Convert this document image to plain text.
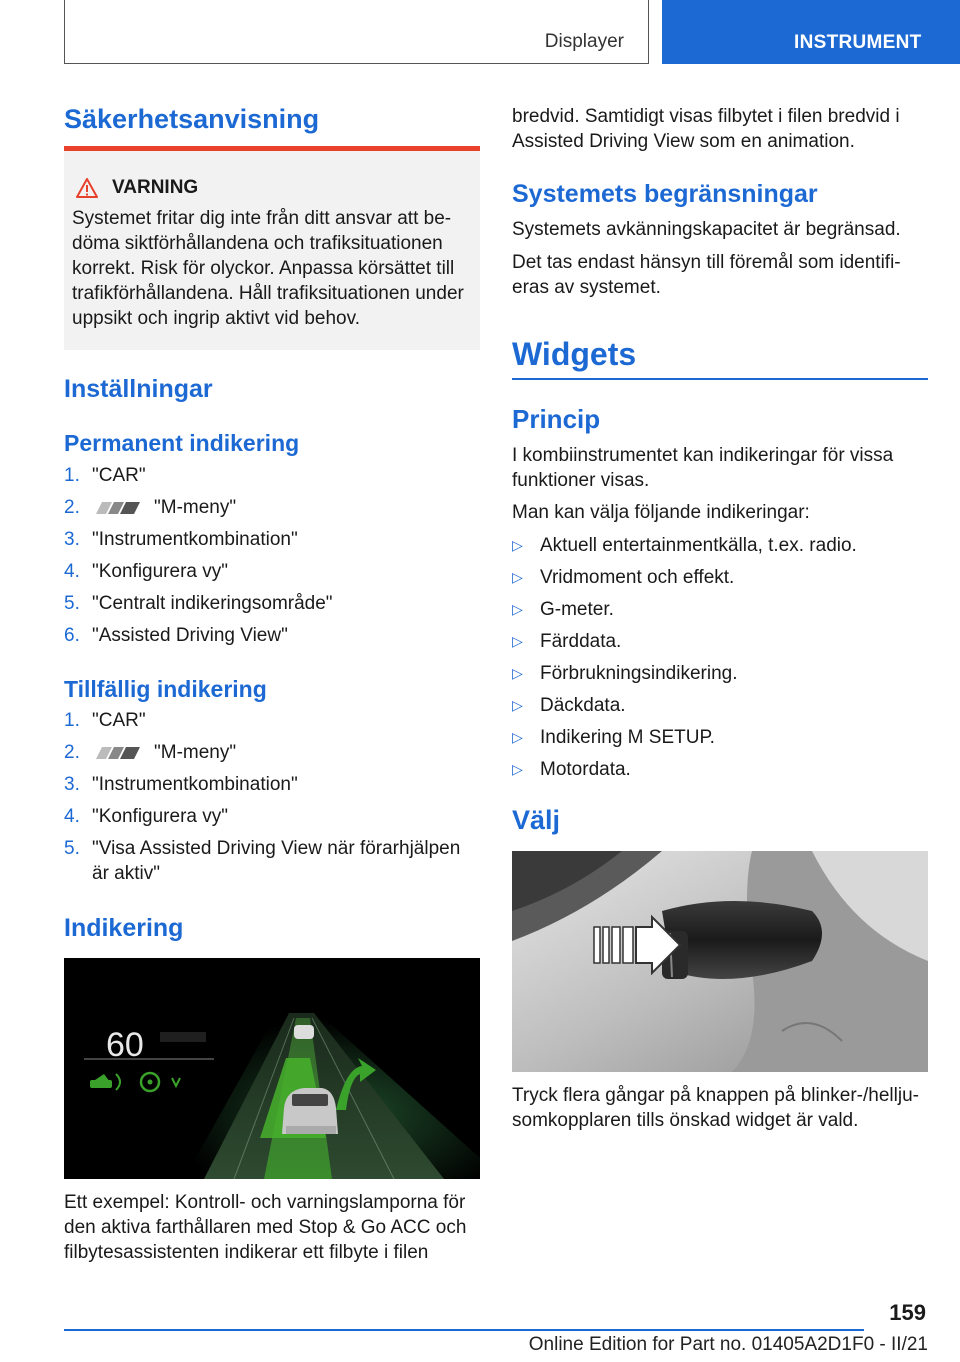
Displayer	INSTRUMENT
Säkerhetsanvisning
VARNING
Systemet fritar dig inte från ditt ansvar att be-
döma siktförhållandena och trafiksituationen
korrekt. Risk för olyckor. Anpassa körsättet till
trafikförhållandena. Håll trafiksituationen under
uppsikt och ingrip aktivt vid behov.
Inställningar
Permanent indikering
1. "CAR"
2.	"M-meny"
3. "Instrumentkombination"
4. "Konfigurera vy"
5. "Centralt indikeringsområde"
6. "Assisted Driving View"
Tillfällig indikering
1. "CAR"
2.	"M-meny"
3. "Instrumentkombination"
4. "Konfigurera vy"
5. "Visa Assisted Driving View när förarhjälpen
är aktiv"
Indikering
60
Ett exempel: Kontroll- och varningslamporna för
den aktiva farthållaren med Stop & Go ACC och
filbytesassistenten indikerar ett filbyte i filen
bredvid. Samtidigt visas filbytet i filen bredvid i
Assisted Driving View som en animation.
Systemets begränsningar
Systemets avkänningskapacitet är begränsad.
Det tas endast hänsyn till föremål som identifi-
eras av systemet.
Widgets
Princip
I kombiinstrumentet kan indikeringar för vissa
funktioner visas.
Man kan välja följande indikeringar:
▷ Aktuell entertainmentkälla, t.ex. radio.
▷ Vridmoment och effekt.
▷ G-meter.
▷ Färddata.
▷ Förbrukningsindikering.
▷ Däckdata.
▷ Indikering M SETUP.
▷ Motordata.
Välj
Tryck flera gångar på knappen på blinker-/hellju-
somkopplaren tills önskad widget är vald.
159
Online Edition for Part no. 01405A2D1F0 - II/21
